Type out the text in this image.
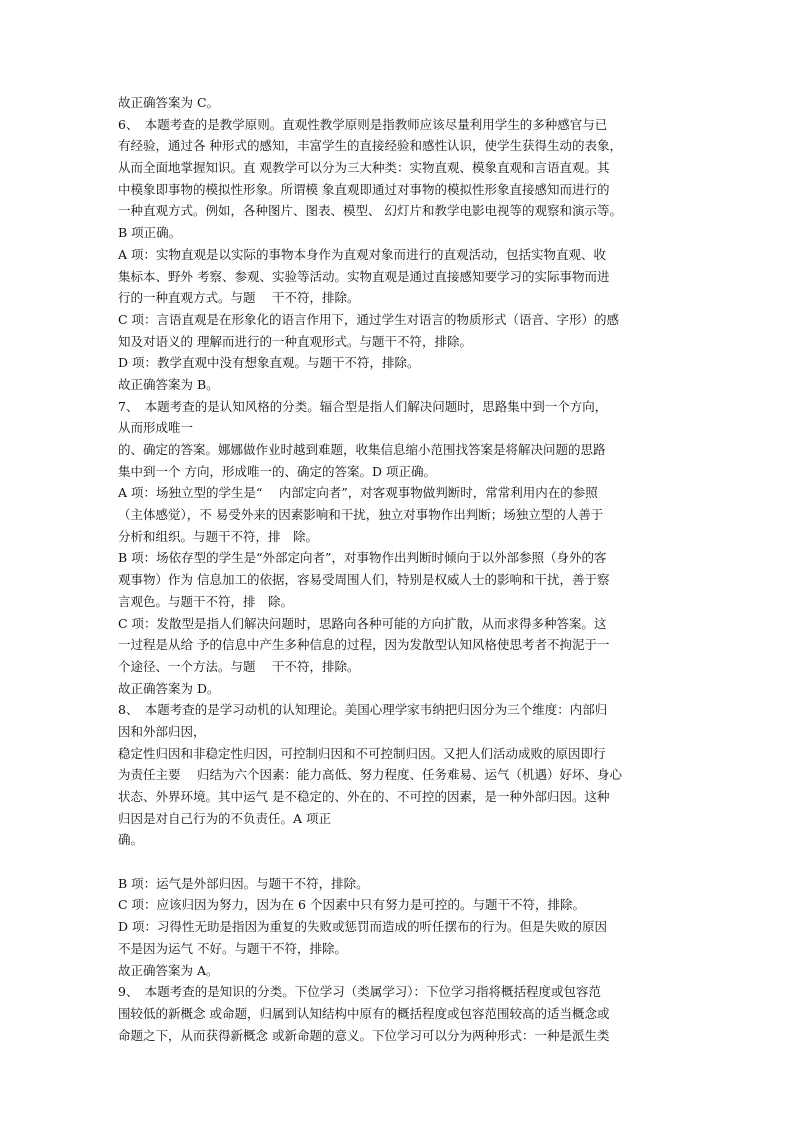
故正确答案为 C。
6、　本题考查的是教学原则。直观性教学原则是指教师应该尽量利用学生的多种感官与已
有经验，通过各 种形式的感知，丰富学生的直接经验和感性认识，使学生获得生动的表象，
从而全面地掌握知识。直 观教学可以分为三大种类：实物直观、模象直观和言语直观。其
中模象即事物的模拟性形象。所谓模 象直观即通过对事物的模拟性形象直接感知而进行的
一种直观方式。例如，各种图片、图表、模型、 幻灯片和教学电影电视等的观察和演示等。
B 项正确。
A 项：实物直观是以实际的事物本身作为直观对象而进行的直观活动，包括实物直观、收
集标本、野外 考察、参观、实验等活动。实物直观是通过直接感知要学习的实际事物而进
行的一种直观方式。与题　 干不符，排除。
C 项：言语直观是在形象化的语言作用下，通过学生对语言的物质形式（语音、字形）的感
知及对语义的 理解而进行的一种直观形式。与题干不符，排除。
D 项：教学直观中没有想象直观。与题干不符，排除。
故正确答案为 B。
7、　本题考查的是认知风格的分类。辐合型是指人们解决问题时，思路集中到一个方向，
从而形成唯一
的、确定的答案。娜娜做作业时越到难题，收集信息缩小范围找答案是将解决问题的思路
集中到一个 方向，形成唯一的、确定的答案。D 项正确。
A 项：场独立型的学生是“　 内部定向者”，对客观事物做判断时，常常利用内在的参照
（主体感觉），不 易受外来的因素影响和干扰，独立对事物作出判断；场独立型的人善于
分析和组织。与题干不符，排　除。
B 项：场依存型的学生是“外部定向者”，对事物作出判断时倾向于以外部参照（身外的客
观事物）作为 信息加工的依据，容易受周围人们，特别是权威人士的影响和干扰，善于察
言观色。与题干不符，排　除。
C 项：发散型是指人们解决问题时，思路向各种可能的方向扩散，从而求得多种答案。这
一过程是从给 予的信息中产生多种信息的过程，因为发散型认知风格使思考者不拘泥于一
个途径、一个方法。与题　 干不符，排除。
故正确答案为 D。
8、　本题考查的是学习动机的认知理论。美国心理学家韦纳把归因分为三个维度：内部归
因和外部归因，
稳定性归因和非稳定性归因，可控制归因和不可控制归因。又把人们活动成败的原因即行
为责任主要　 归结为六个因素：能力高低、努力程度、任务难易、运气（机遇）好坏、身心
状态、外界环境。其中运气 是不稳定的、外在的、不可控的因素，是一种外部归因。这种
归因是对自己行为的不负责任。A 项正
确。
B 项：运气是外部归因。与题干不符，排除。
C 项：应该归因为努力，因为在 6 个因素中只有努力是可控的。与题干不符，排除。
D 项：习得性无助是指因为重复的失败或惩罚而造成的听任摆布的行为。但是失败的原因
不是因为运气 不好。与题干不符，排除。
故正确答案为 A。
9、　本题考查的是知识的分类。下位学习（类属学习）：下位学习指将概括程度或包容范
围较低的新概念 或命题，归属到认知结构中原有的概括程度或包容范围较高的适当概念或
命题之下，从而获得新概念 或新命题的意义。下位学习可以分为两种形式：一种是派生类
